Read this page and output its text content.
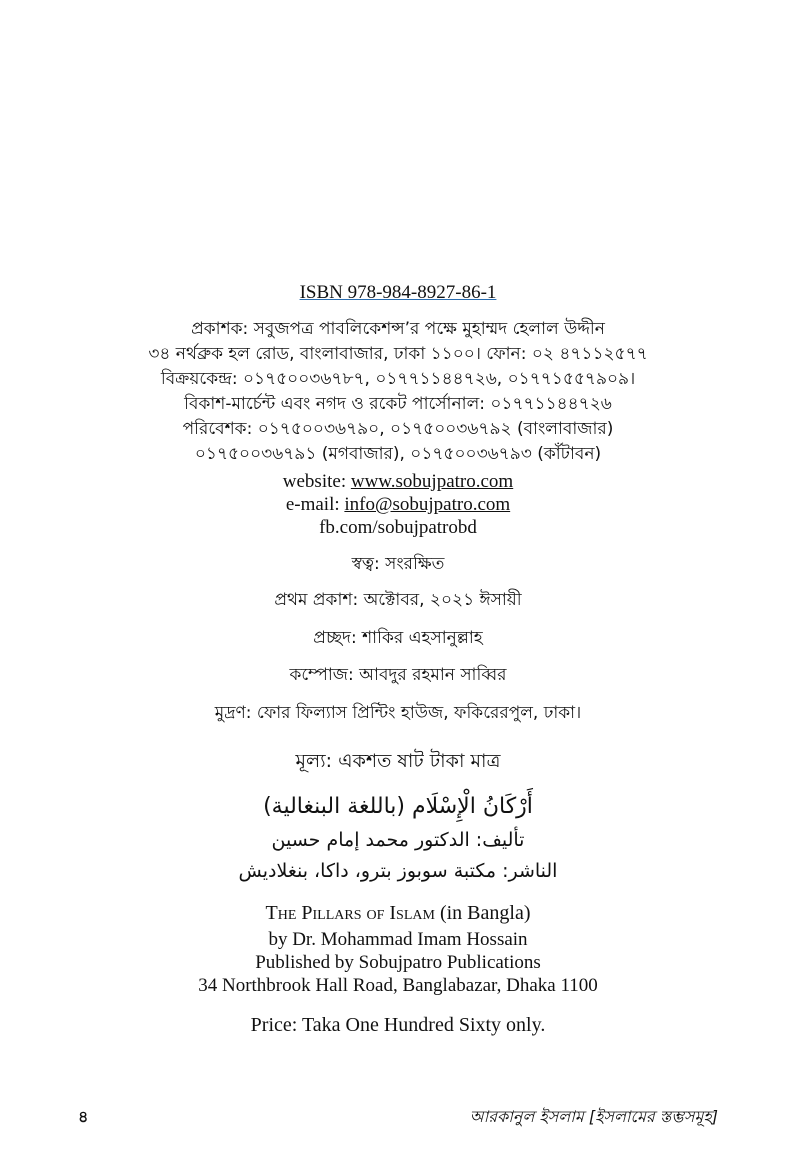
ISBN 978-984-8927-86-1
প্রকাশক: সবুজপত্র পাবলিকেশন্স’র পক্ষে মুহাম্মদ হেলাল উদ্দীন
৩৪ নর্থব্রুক হল রোড, বাংলাবাজার, ঢাকা ১১০০। ফোন: ০২ ৪৭১১২৫৭৭
বিক্রয়কেন্দ্র: ০১৭৫০০৩৬৭৮৭, ০১৭৭১১৪৪৭২৬, ০১৭৭১৫৫৭৯০৯।
বিকাশ-মার্চেন্ট এবং নগদ ও রকেট পার্সোনাল: ০১৭৭১১৪৪৭২৬
পরিবেশক: ০১৭৫০০৩৬৭৯০, ০১৭৫০০৩৬৭৯২ (বাংলাবাজার)
০১৭৫০০৩৬৭৯১ (মগবাজার), ০১৭৫০০৩৬৭৯৩ (কাঁটাবন)
website: www.sobujpatro.com
e-mail: info@sobujpatro.com
fb.com/sobujpatrobd
স্বত্ব: সংরক্ষিত
প্রথম প্রকাশ: অক্টোবর, ২০২১ ঈসায়ী
প্রচ্ছদ: শাকির এহসানুল্লাহ
কম্পোজ: আবদুর রহমান সাব্বির
মুদ্রণ: ফোর ফিল্যাস প্রিন্টিং হাউজ, ফকিরেরপুল, ঢাকা।
মূল্য: একশত ষাট টাকা মাত্র
أَرْكَانُ الْإِسْلَام (باللغة البنغالية)
تأليف: الدكتور محمد إمام حسين
الناشر: مكتبة سوبوز بترو، داكا، بنغلاديش
The Pillars of Islam (in Bangla)
by Dr. Mohammad Imam Hossain
Published by Sobujpatro Publications
34 Northbrook Hall Road, Banglabazar, Dhaka 1100
Price: Taka One Hundred Sixty only.
৪	আরকানুল ইসলাম [ইসলামের স্তম্ভসমূহ]
